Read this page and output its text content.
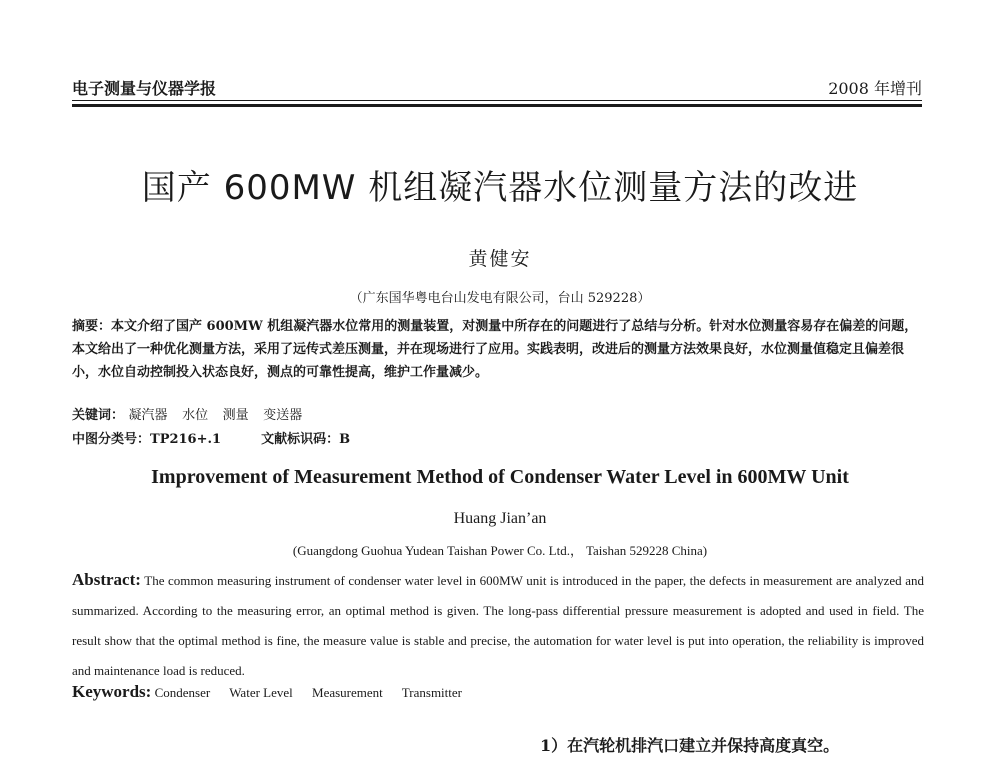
电子测量与仪器学报	2008 年增刊
国产 600MW 机组凝汽器水位测量方法的改进
黄健安
（广东国华粤电台山发电有限公司，台山 529228）
摘要：本文介绍了国产 600MW 机组凝汽器水位常用的测量装置，对测量中所存在的问题进行了总结与分析。针对水位测量容易存在偏差的问题，本文给出了一种优化测量方法，采用了远传式差压测量，并在现场进行了应用。实践表明，改进后的测量方法效果良好，水位测量值稳定且偏差很小，水位自动控制投入状态良好，测点的可靠性提高，维护工作量减少。
关键词： 凝汽器 水位 测量 变送器
中图分类号：TP216+.1	文献标识码：B
Improvement of Measurement Method of Condenser Water Level in 600MW Unit
Huang Jian’an
(Guangdong Guohua Yudean Taishan Power Co. Ltd.， Taishan 529228 China)
Abstract: The common measuring instrument of condenser water level in 600MW unit is introduced in the paper, the defects in measurement are analyzed and summarized. According to the measuring error, an optimal method is given. The long-pass differential pressure measurement is adopted and used in field. The result show that the optimal method is fine, the measure value is stable and precise, the automation for water level is put into operation, the reliability is improved and maintenance load is reduced.
Keywords: Condenser Water Level Measurement Transmitter
1）在汽轮机排汽口建立并保持高度真空。
